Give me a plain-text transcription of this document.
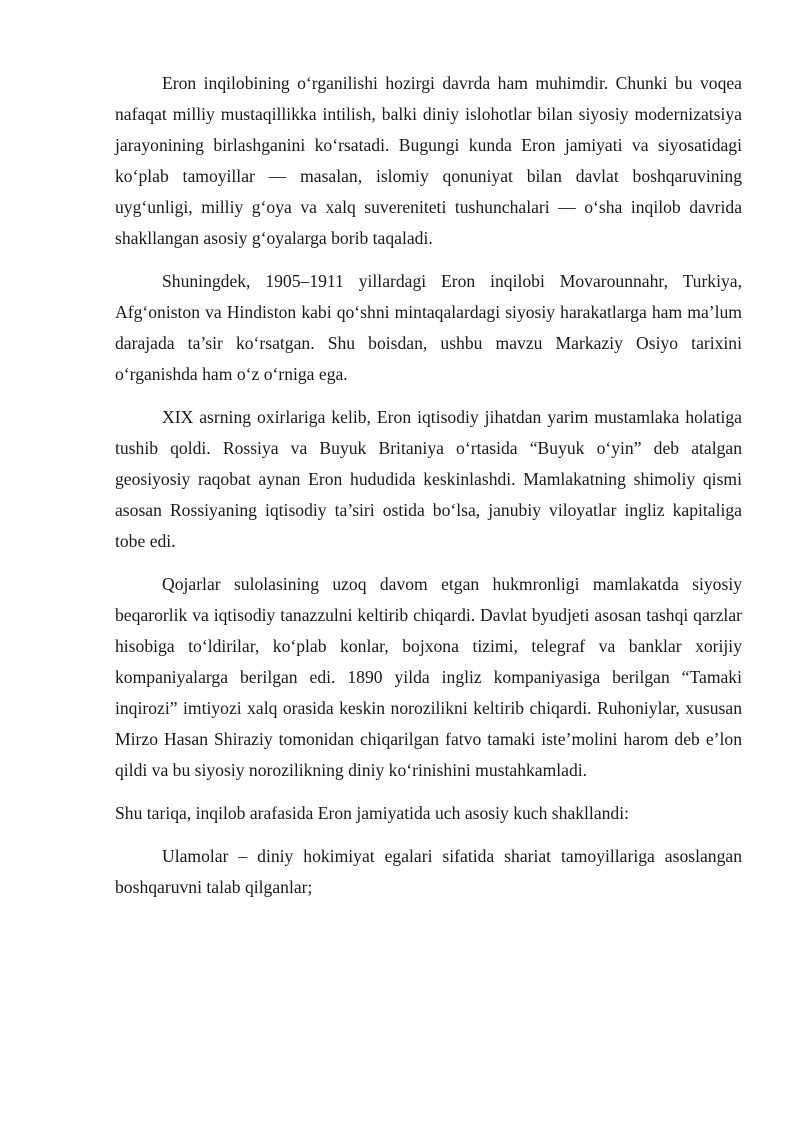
Eron inqilobining o‘rganilishi hozirgi davrda ham muhimdir. Chunki bu voqea nafaqat milliy mustaqillikka intilish, balki diniy islohotlar bilan siyosiy modernizatsiya jarayonining birlashganini ko‘rsatadi. Bugungi kunda Eron jamiyati va siyosatidagi ko‘plab tamoyillar — masalan, islomiy qonuniyat bilan davlat boshqaruvining uyg‘unligi, milliy g‘oya va xalq suvereniteti tushunchalari — o‘sha inqilob davrida shakllangan asosiy g‘oyalarga borib taqaladi.

Shuningdek, 1905–1911 yillardagi Eron inqilobi Movarounnahr, Turkiya, Afg‘oniston va Hindiston kabi qo‘shni mintaqalardagi siyosiy harakatlarga ham ma’lum darajada ta’sir ko‘rsatgan. Shu boisdan, ushbu mavzu Markaziy Osiyo tarixini o‘rganishda ham o‘z o‘rniga ega.

XIX asrning oxirlariga kelib, Eron iqtisodiy jihatdan yarim mustamlaka holatiga tushib qoldi. Rossiya va Buyuk Britaniya o‘rtasida “Buyuk o‘yin” deb atalgan geosiyosiy raqobat aynan Eron hududida keskinlashdi. Mamlakatning shimoliy qismi asosan Rossiyaning iqtisodiy ta’siri ostida bo‘lsa, janubiy viloyatlar ingliz kapitaliga tobe edi.

Qojarlar sulolasining uzoq davom etgan hukmronligi mamlakatda siyosiy beqarorlik va iqtisodiy tanazzulni keltirib chiqardi. Davlat byudjeti asosan tashqi qarzlar hisobiga to‘ldirilar, ko‘plab konlar, bojxona tizimi, telegraf va banklar xorijiy kompaniyalarga berilgan edi. 1890 yilda ingliz kompaniyasiga berilgan “Tamaki inqirozi” imtiyozi xalq orasida keskin norozilikni keltirib chiqardi. Ruhoniylar, xususan Mirzo Hasan Shiraziy tomonidan chiqarilgan fatvo tamaki iste’molini harom deb e’lon qildi va bu siyosiy norozilikning diniy ko‘rinishini mustahkamladi.

Shu tariqa, inqilob arafasida Eron jamiyatida uch asosiy kuch shakllandi:

Ulamolar – diniy hokimiyat egalari sifatida shariat tamoyillariga asoslangan boshqaruvni talab qilganlar;
